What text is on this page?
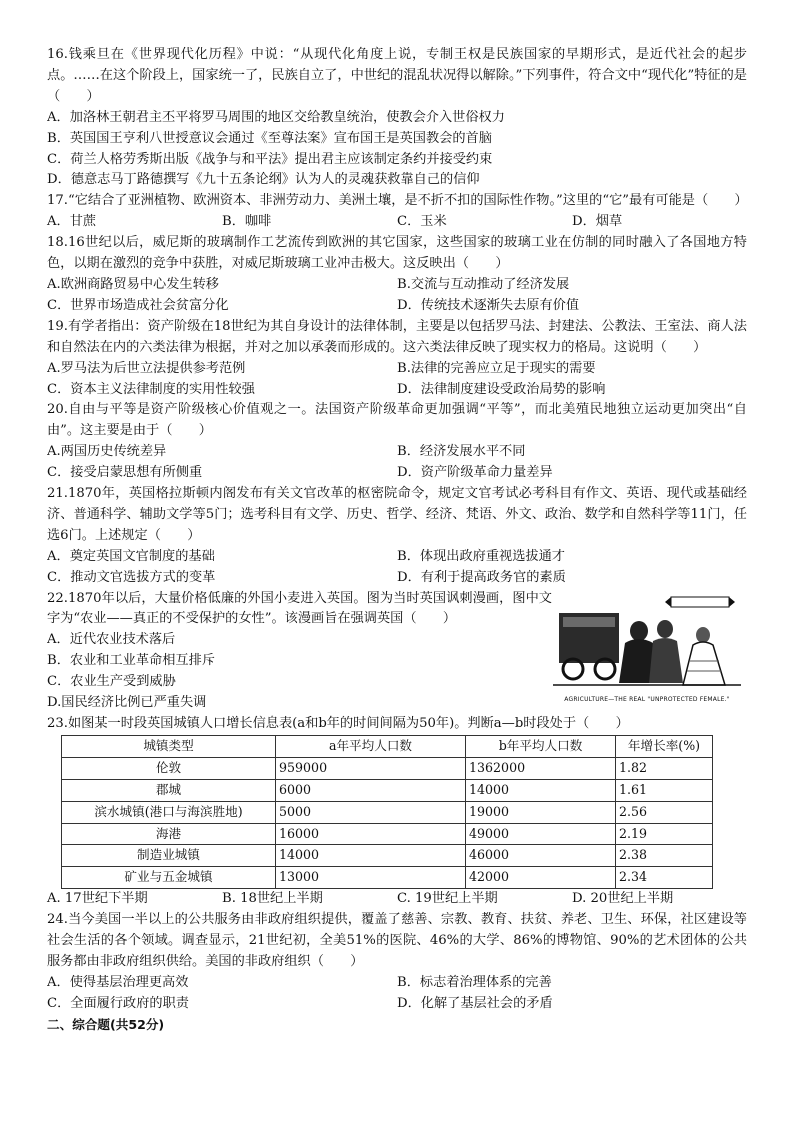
16.钱乘旦在《世界现代化历程》中说：“从现代化角度上说，专制王权是民族国家的早期形式，是近代社会的起步点。……在这个阶段上，国家统一了，民族自立了，中世纪的混乱状况得以解除。”下列事件，符合文中“现代化”特征的是（　　）
A．加洛林王朝君主丕平将罗马周围的地区交给教皇统治，使教会介入世俗权力
B．英国国王亨利八世授意议会通过《至尊法案》宣布国王是英国教会的首脑
C．荷兰人格劳秀斯出版《战争与和平法》提出君主应该制定条约并接受约束
D．德意志马丁路德撰写《九十五条论纲》认为人的灵魂获救靠自己的信仰
17.“它结合了亚洲植物、欧洲资本、非洲劳动力、美洲土壤，是不折不扣的国际性作物。”这里的“它”最有可能是（　　）
A．甘蔗	B．咖啡	C．玉米	D．烟草
18.16世纪以后，威尼斯的玻璃制作工艺流传到欧洲的其它国家，这些国家的玻璃工业在仿制的同时融入了各国地方特色，以期在激烈的竞争中获胜，对威尼斯玻璃工业冲击极大。这反映出（　　）
A.欧洲商路贸易中心发生转移	B.交流与互动推动了经济发展
C．世界市场造成社会贫富分化	D．传统技术逐渐失去原有价值
19.有学者指出：资产阶级在18世纪为其自身设计的法律体制，主要是以包括罗马法、封建法、公教法、王室法、商人法和自然法在内的六类法律为根据，并对之加以承袭而形成的。这六类法律反映了现实权力的格局。这说明（　　）
A.罗马法为后世立法提供参考范例	B.法律的完善应立足于现实的需要
C．资本主义法律制度的实用性较强	D．法律制度建设受政治局势的影响
20.自由与平等是资产阶级核心价值观之一。法国资产阶级革命更加强调“平等”，而北美殖民地独立运动更加突出“自由”。这主要是由于（　　）
A.两国历史传统差异	B．经济发展水平不同
C．接受启蒙思想有所侧重	D．资产阶级革命力量差异
21.1870年，英国格拉斯顿内阁发布有关文官改革的枢密院命令，规定文官考试必考科目有作文、英语、现代或基础经济、普通科学、辅助文学等5门；选考科目有文学、历史、哲学、经济、梵语、外文、政治、数学和自然科学等11门，任选6门。上述规定（　　）
A．奠定英国文官制度的基础	B．体现出政府重视选拔通才
C．推动文官选拔方式的变革	D．有利于提高政务官的素质
22.1870年以后，大量价格低廉的外国小麦进入英国。图为当时英国讽刺漫画，图中文字为“农业——真正的不受保护的女性”。该漫画旨在强调英国（　　）
A．近代农业技术落后
B．农业和工业革命相互排斥
C．农业生产受到威胁
D.国民经济比例已严重失调	AGRICULTURE—THE REAL "UNPROTECTED FEMALE."
23.如图某一时段英国城镇人口增长信息表(a和b年的时间间隔为50年)。判断a—b时段处于（　　）
城镇类型	a年平均人口数	b年平均人口数	年增长率(%)
伦敦	959000	1362000	1.82
郡城	6000	14000	1.61
滨水城镇(港口与海滨胜地)	5000	19000	2.56
海港	16000	49000	2.19
制造业城镇	14000	46000	2.38
矿业与五金城镇	13000	42000	2.34
A. 17世纪下半期	B. 18世纪上半期	C. 19世纪上半期	D. 20世纪上半期
24.当今美国一半以上的公共服务由非政府组织提供，覆盖了慈善、宗教、教育、扶贫、养老、卫生、环保，社区建设等社会生活的各个领域。调查显示，21世纪初，全美51%的医院、46%的大学、86%的博物馆、90%的艺术团体的公共服务都由非政府组织供给。美国的非政府组织（　　）
A．使得基层治理更高效	B．标志着治理体系的完善
C．全面履行政府的职责	D．化解了基层社会的矛盾
二、综合题(共52分)
